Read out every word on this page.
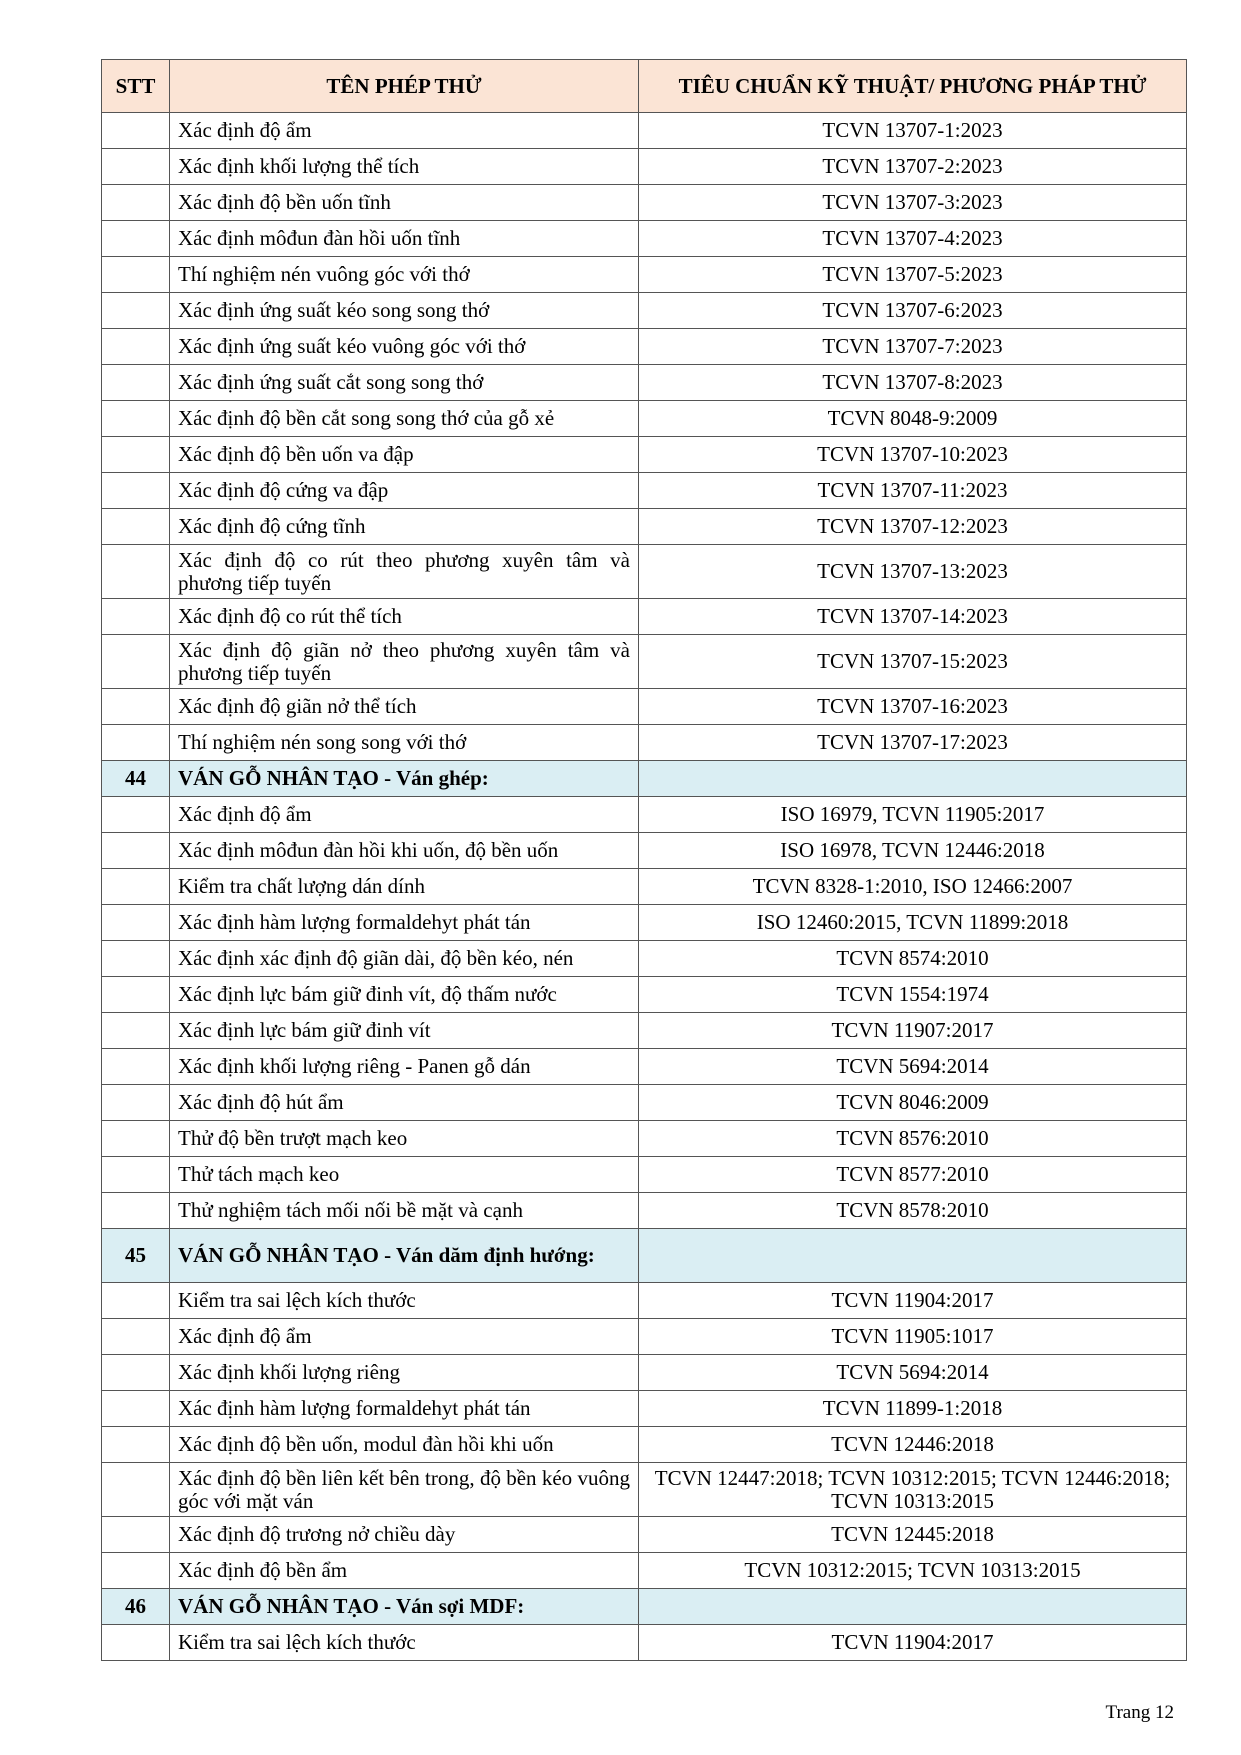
STT	TÊN PHÉP THỬ	TIÊU CHUẨN KỸ THUẬT/ PHƯƠNG PHÁP THỬ
	Xác định độ ẩm	TCVN 13707-1:2023
	Xác định khối lượng thể tích	TCVN 13707-2:2023
	Xác định độ bền uốn tĩnh	TCVN 13707-3:2023
	Xác định môđun đàn hồi uốn tĩnh	TCVN 13707-4:2023
	Thí nghiệm nén vuông góc với thớ	TCVN 13707-5:2023
	Xác định ứng suất kéo song song thớ	TCVN 13707-6:2023
	Xác định ứng suất kéo vuông góc với thớ	TCVN 13707-7:2023
	Xác định ứng suất cắt song song thớ	TCVN 13707-8:2023
	Xác định độ bền cắt song song thớ của gỗ xẻ	TCVN 8048-9:2009
	Xác định độ bền uốn va đập	TCVN 13707-10:2023
	Xác định độ cứng va đập	TCVN 13707-11:2023
	Xác định độ cứng tĩnh	TCVN 13707-12:2023
	Xác định độ co rút theo phương xuyên tâm và phương tiếp tuyến	TCVN 13707-13:2023
	Xác định độ co rút thể tích	TCVN 13707-14:2023
	Xác định độ giãn nở theo phương xuyên tâm và phương tiếp tuyến	TCVN 13707-15:2023
	Xác định độ giãn nở thể tích	TCVN 13707-16:2023
	Thí nghiệm nén song song với thớ	TCVN 13707-17:2023
44	VÁN GỖ NHÂN TẠO - Ván ghép:	
	Xác định độ ẩm	ISO 16979, TCVN 11905:2017
	Xác định môđun đàn hồi khi uốn, độ bền uốn	ISO 16978, TCVN 12446:2018
	Kiểm tra chất lượng dán dính	TCVN 8328-1:2010, ISO 12466:2007
	Xác định hàm lượng formaldehyt phát tán	ISO 12460:2015, TCVN 11899:2018
	Xác định xác định độ giãn dài, độ bền kéo, nén	TCVN 8574:2010
	Xác định lực bám giữ đinh vít, độ thấm nước	TCVN 1554:1974
	Xác định lực bám giữ đinh vít	TCVN 11907:2017
	Xác định khối lượng riêng - Panen gỗ dán	TCVN 5694:2014
	Xác định độ hút ẩm	TCVN 8046:2009
	Thử độ bền trượt mạch keo	TCVN 8576:2010
	Thử tách mạch keo	TCVN 8577:2010
	Thử nghiệm tách mối nối bề mặt và cạnh	TCVN 8578:2010
45	VÁN GỖ NHÂN TẠO - Ván dăm định hướng:	
	Kiểm tra sai lệch kích thước	TCVN 11904:2017
	Xác định độ ẩm	TCVN 11905:1017
	Xác định khối lượng riêng	TCVN 5694:2014
	Xác định hàm lượng formaldehyt phát tán	TCVN 11899-1:2018
	Xác định độ bền uốn, modul đàn hồi khi uốn	TCVN 12446:2018
	Xác định độ bền liên kết bên trong, độ bền kéo vuông góc với mặt ván	TCVN 12447:2018; TCVN 10312:2015; TCVN 12446:2018; TCVN 10313:2015
	Xác định độ trương nở chiều dày	TCVN 12445:2018
	Xác định độ bền ẩm	TCVN 10312:2015; TCVN 10313:2015
46	VÁN GỖ NHÂN TẠO - Ván sợi MDF:	
	Kiểm tra sai lệch kích thước	TCVN 11904:2017
Trang 12
